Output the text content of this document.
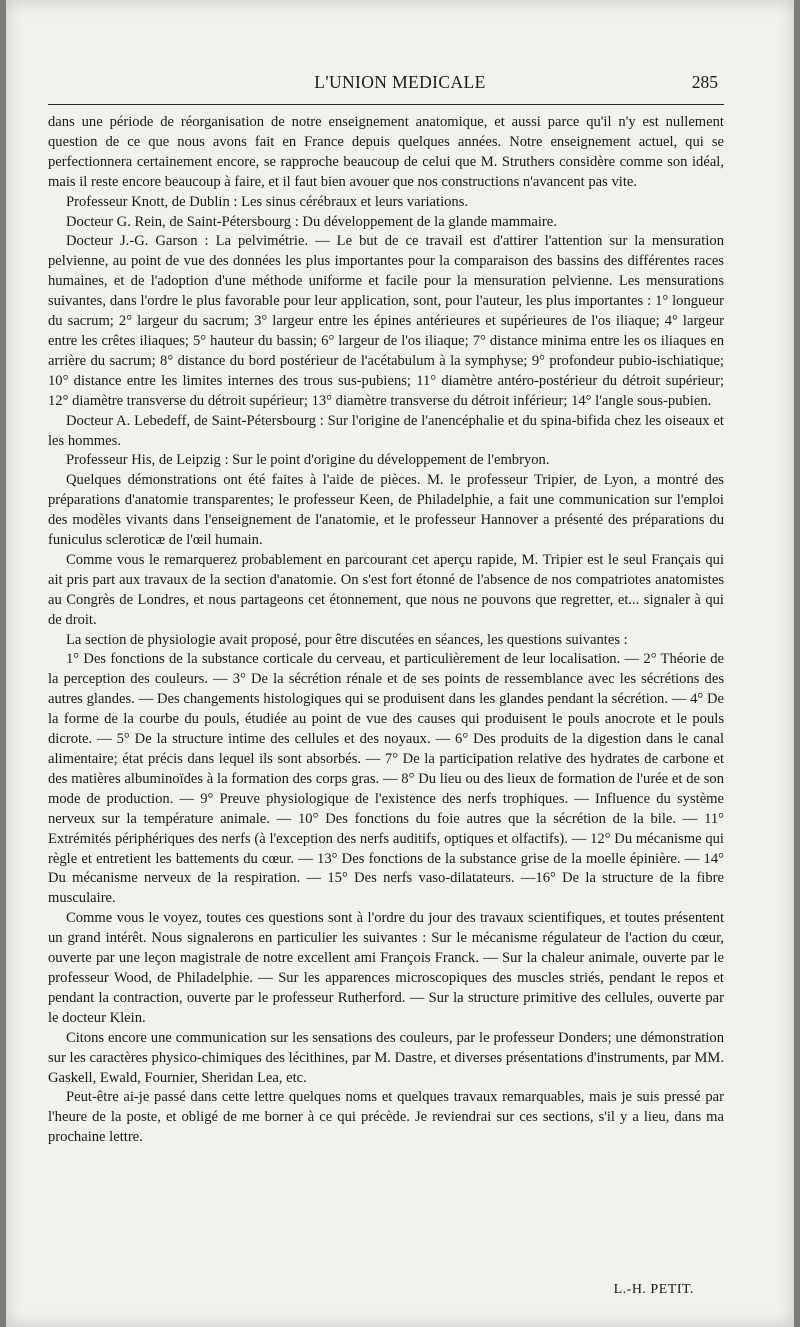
L'UNION MEDICALE	285

dans une période de réorganisation de notre enseignement anatomique, et aussi parce qu'il n'y est nullement question de ce que nous avons fait en France depuis quelques années. Notre enseignement actuel, qui se perfectionnera certainement encore, se rapproche beaucoup de celui que M. Struthers considère comme son idéal, mais il reste encore beaucoup à faire, et il faut bien avouer que nos constructions n'avancent pas vite.

Professeur Knott, de Dublin : Les sinus cérébraux et leurs variations.

Docteur G. Rein, de Saint-Pétersbourg : Du développement de la glande mammaire.

Docteur J.-G. Garson : La pelvimétrie. — Le but de ce travail est d'attirer l'attention sur la mensuration pelvienne, au point de vue des données les plus importantes pour la comparaison des bassins des différentes races humaines, et de l'adoption d'une méthode uniforme et facile pour la mensuration pelvienne. Les mensurations suivantes, dans l'ordre le plus favorable pour leur application, sont, pour l'auteur, les plus importantes : 1° longueur du sacrum; 2° largeur du sacrum; 3° largeur entre les épines antérieures et supérieures de l'os iliaque; 4° largeur entre les crêtes iliaques; 5° hauteur du bassin; 6° largeur de l'os iliaque; 7° distance minima entre les os iliaques en arrière du sacrum; 8° distance du bord postérieur de l'acétabulum à la symphyse; 9° profondeur pubio-ischiatique; 10° distance entre les limites internes des trous sus-pubiens; 11° diamètre antéro-postérieur du détroit supérieur; 12° diamètre transverse du détroit supérieur; 13° diamètre transverse du détroit inférieur; 14° l'angle sous-pubien.

Docteur A. Lebedeff, de Saint-Pétersbourg : Sur l'origine de l'anencéphalie et du spina-bifida chez les oiseaux et les hommes.

Professeur His, de Leipzig : Sur le point d'origine du développement de l'embryon.

Quelques démonstrations ont été faites à l'aide de pièces. M. le professeur Tripier, de Lyon, a montré des préparations d'anatomie transparentes; le professeur Keen, de Philadelphie, a fait une communication sur l'emploi des modèles vivants dans l'enseignement de l'anatomie, et le professeur Hannover a présenté des préparations du funiculus scleroticæ de l'œil humain.

Comme vous le remarquerez probablement en parcourant cet aperçu rapide, M. Tripier est le seul Français qui ait pris part aux travaux de la section d'anatomie. On s'est fort étonné de l'absence de nos compatriotes anatomistes au Congrès de Londres, et nous partageons cet étonnement, que nous ne pouvons que regretter, et... signaler à qui de droit.

La section de physiologie avait proposé, pour être discutées en séances, les questions suivantes :

1° Des fonctions de la substance corticale du cerveau, et particulièrement de leur localisation. — 2° Théorie de la perception des couleurs. — 3° De la sécrétion rénale et de ses points de ressemblance avec les sécrétions des autres glandes. — Des changements histologiques qui se produisent dans les glandes pendant la sécrétion. — 4° De la forme de la courbe du pouls, étudiée au point de vue des causes qui produisent le pouls anocrote et le pouls dicrote. — 5° De la structure intime des cellules et des noyaux. — 6° Des produits de la digestion dans le canal alimentaire; état précis dans lequel ils sont absorbés. — 7° De la participation relative des hydrates de carbone et des matières albuminoïdes à la formation des corps gras. — 8° Du lieu ou des lieux de formation de l'urée et de son mode de production. — 9° Preuve physiologique de l'existence des nerfs trophiques. — Influence du système nerveux sur la température animale. — 10° Des fonctions du foie autres que la sécrétion de la bile. — 11° Extrémités périphériques des nerfs (à l'exception des nerfs auditifs, optiques et olfactifs). — 12° Du mécanisme qui règle et entretient les battements du cœur. — 13° Des fonctions de la substance grise de la moelle épinière. — 14° Du mécanisme nerveux de la respiration. — 15° Des nerfs vaso-dilatateurs. —16° De la structure de la fibre musculaire.

Comme vous le voyez, toutes ces questions sont à l'ordre du jour des travaux scientifiques, et toutes présentent un grand intérêt. Nous signalerons en particulier les suivantes : Sur le mécanisme régulateur de l'action du cœur, ouverte par une leçon magistrale de notre excellent ami François Franck. — Sur la chaleur animale, ouverte par le professeur Wood, de Philadelphie. — Sur les apparences microscopiques des muscles striés, pendant le repos et pendant la contraction, ouverte par le professeur Rutherford. — Sur la structure primitive des cellules, ouverte par le docteur Klein.

Citons encore une communication sur les sensations des couleurs, par le professeur Donders; une démonstration sur les caractères physico-chimiques des lécithines, par M. Dastre, et diverses présentations d'instruments, par MM. Gaskell, Ewald, Fournier, Sheridan Lea, etc.

Peut-être ai-je passé dans cette lettre quelques noms et quelques travaux remarquables, mais je suis pressé par l'heure de la poste, et obligé de me borner à ce qui précède. Je reviendrai sur ces sections, s'il y a lieu, dans ma prochaine lettre.

L.-H. PETIT.
